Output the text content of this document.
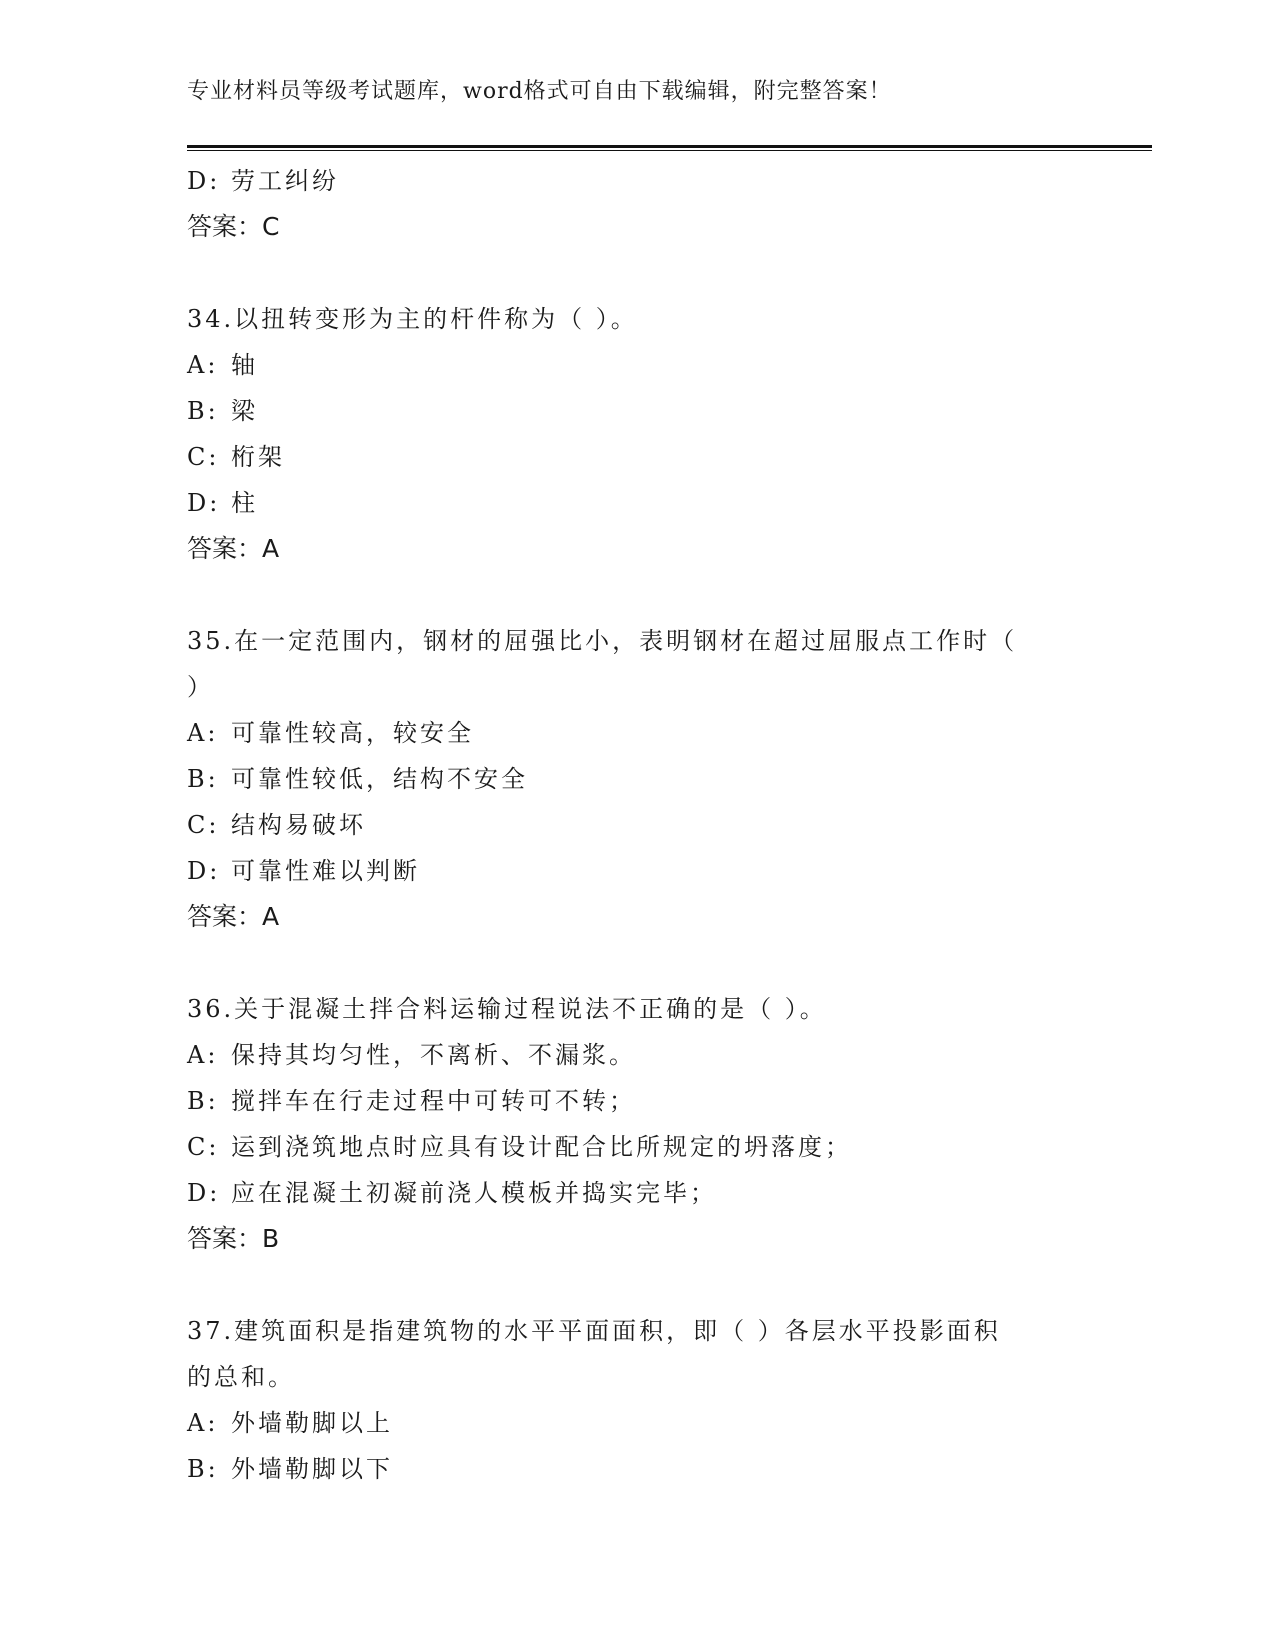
专业材料员等级考试题库，word格式可自由下载编辑，附完整答案！
D: 劳工纠纷
答案：C
34.以扭转变形为主的杆件称为（ ）。
A: 轴
B: 梁
C: 桁架
D: 柱
答案：A
35.在一定范围内，钢材的屈强比小，表明钢材在超过屈服点工作时（
）
A: 可靠性较高，较安全
B: 可靠性较低，结构不安全
C: 结构易破坏
D: 可靠性难以判断
答案：A
36.关于混凝土拌合料运输过程说法不正确的是（ ）。
A: 保持其均匀性，不离析、不漏浆。
B: 搅拌车在行走过程中可转可不转；
C: 运到浇筑地点时应具有设计配合比所规定的坍落度；
D: 应在混凝土初凝前浇人模板并捣实完毕；
答案：B
37.建筑面积是指建筑物的水平平面面积，即（ ）各层水平投影面积
的总和。
A: 外墙勒脚以上
B: 外墙勒脚以下
